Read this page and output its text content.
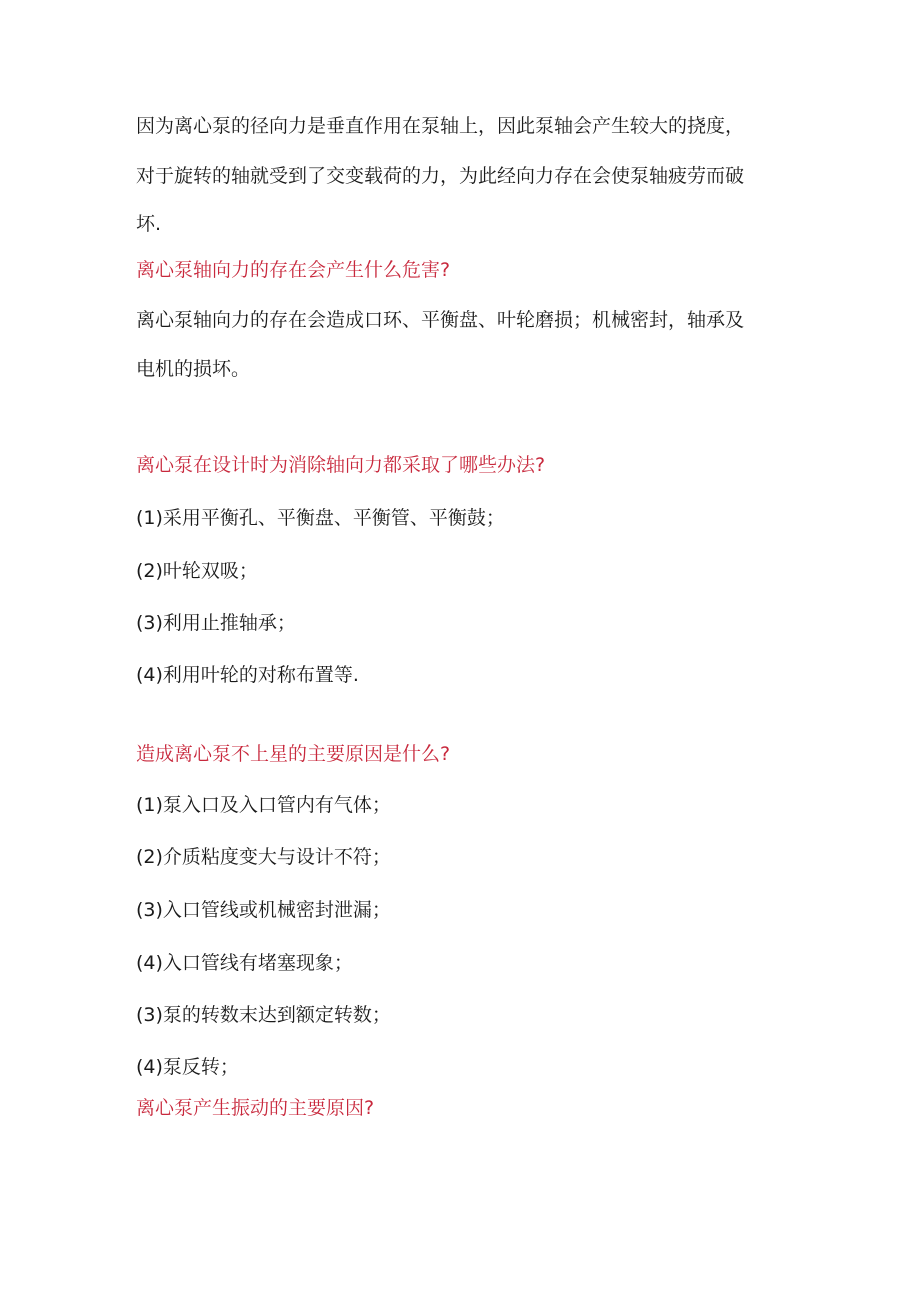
因为离心泵的径向力是垂直作用在泵轴上，因此泵轴会产生较大的挠度，
对于旋转的轴就受到了交变载荷的力，为此经向力存在会使泵轴疲劳而破
坏.
离心泵轴向力的存在会产生什么危害?
离心泵轴向力的存在会造成口环、平衡盘、叶轮磨损；机械密封，轴承及
电机的损坏。
离心泵在设计时为消除轴向力都采取了哪些办法?
(1)采用平衡孔、平衡盘、平衡管、平衡鼓；
(2)叶轮双吸；
(3)利用止推轴承；
(4)利用叶轮的对称布置等.
造成离心泵不上星的主要原因是什么?
(1)泵入口及入口管内有气体；
(2)介质粘度变大与设计不符；
(3)入口管线或机械密封泄漏；
(4)入口管线有堵塞现象；
(3)泵的转数末达到额定转数；
(4)泵反转；
离心泵产生振动的主要原因?
